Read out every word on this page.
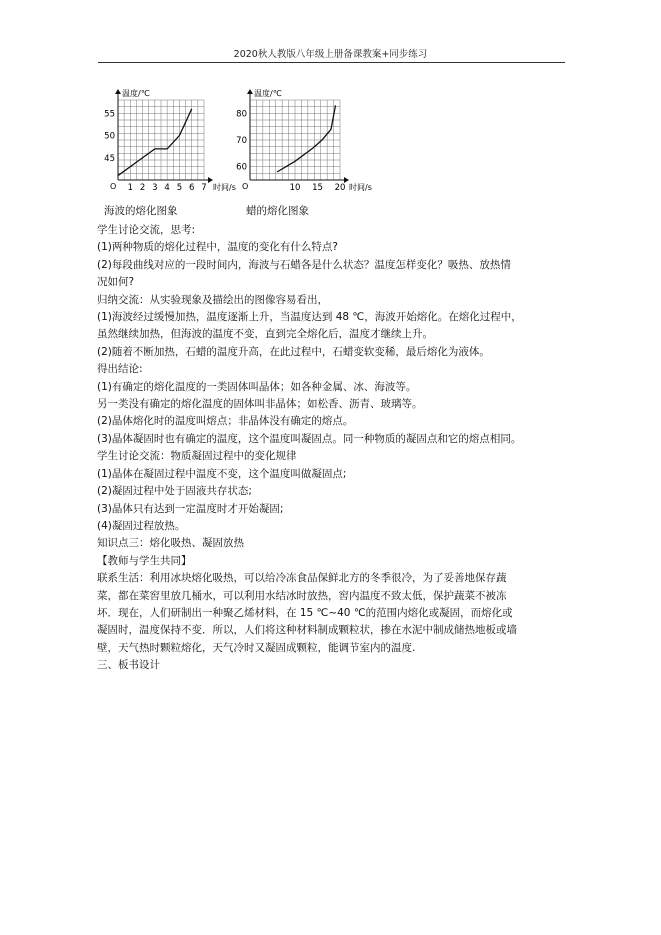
2020秋人教版八年级上册备课教案+同步练习
O
温度/℃
时间/s
45
50
55
1 2 3 4 5 6 7	O
温度/℃
时间/s
60
70
80
10 15 20
海波的熔化图象	蜡的熔化图象
学生讨论交流，思考:
(1)两种物质的熔化过程中，温度的变化有什么特点?
(2)每段曲线对应的一段时间内，海波与石蜡各是什么状态？温度怎样变化？吸热、放热情
况如何?
归纳交流：从实验现象及描绘出的图像容易看出，
(1)海波经过缓慢加热，温度逐渐上升，当温度达到 48 ℃，海波开始熔化。在熔化过程中，
虽然继续加热，但海波的温度不变，直到完全熔化后，温度才继续上升。
(2)随着不断加热，石蜡的温度升高，在此过程中，石蜡变软变稀，最后熔化为液体。
得出结论:
(1)有确定的熔化温度的一类固体叫晶体；如各种金属、冰、海波等。
另一类没有确定的熔化温度的固体叫非晶体；如松香、沥青、玻璃等。
(2)晶体熔化时的温度叫熔点；非晶体没有确定的熔点。
(3)晶体凝固时也有确定的温度，这个温度叫凝固点。同一种物质的凝固点和它的熔点相同。
学生讨论交流：物质凝固过程中的变化规律
(1)晶体在凝固过程中温度不变，这个温度叫做凝固点;
(2)凝固过程中处于固液共存状态;
(3)晶体只有达到一定温度时才开始凝固;
(4)凝固过程放热。
知识点三：熔化吸热、凝固放热
【教师与学生共同】
联系生活：利用冰块熔化吸热，可以给冷冻食品保鲜北方的冬季很冷，为了妥善地保存蔬
菜，都在菜窖里放几桶水，可以利用水结冰时放热，窖内温度不致太低，保护蔬菜不被冻
坏．现在，人们研制出一种聚乙烯材料，在 15 ℃~40 ℃的范围内熔化或凝固，而熔化或
凝固时，温度保持不变．所以，人们将这种材料制成颗粒状，掺在水泥中制成储热地板或墙
壁，天气热时颗粒熔化，天气冷时又凝固成颗粒，能调节室内的温度.
三、板书设计
